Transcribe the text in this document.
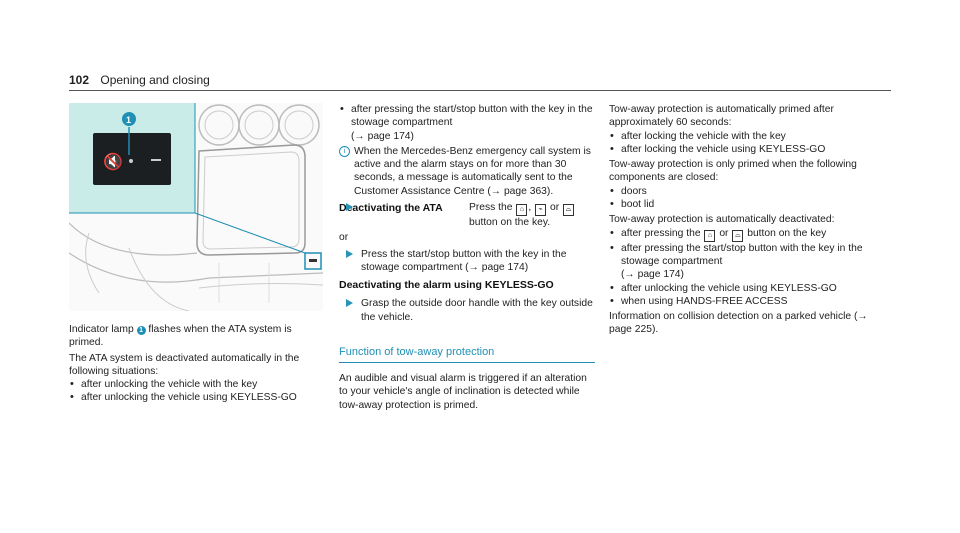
102 Opening and closing
🔇
1

Indicator lamp 1 flashes when the ATA system is primed.

The ATA system is deactivated automatically in the following situations:

• after unlocking the vehicle with the key

• after unlocking the vehicle using KEYLESS-GO

• after pressing the start/stop button with the key in the stowage compartment
(→ page 174)

i When the Mercedes-Benz emergency call system is active and the alarm stays on for more than 30 seconds, a message is automatically sent to the Customer Assistance Centre (→ page 363).

Deactivating the ATA	Press the ⌂ , ⌁ or ⌓ button on the key.

or

Press the start/stop button with the key in the stowage compartment (→ page 174)

Deactivating the alarm using KEYLESS-GO

Grasp the outside door handle with the key outside the vehicle.

Function of tow-away protection

An audible and visual alarm is triggered if an alteration to your vehicle's angle of inclination is detected while tow-away protection is primed.

Tow-away protection is automatically primed after approximately 60 seconds:

• after locking the vehicle with the key

• after locking the vehicle using KEYLESS-GO

Tow-away protection is only primed when the following components are closed:

• doors

• boot lid

Tow-away protection is automatically deactivated:

• after pressing the ⌂ or ⌓ button on the key

• after pressing the start/stop button with the key in the stowage compartment
(→ page 174)

• after unlocking the vehicle using KEYLESS-GO

• when using HANDS-FREE ACCESS

Information on collision detection on a parked vehicle (→ page 225).
